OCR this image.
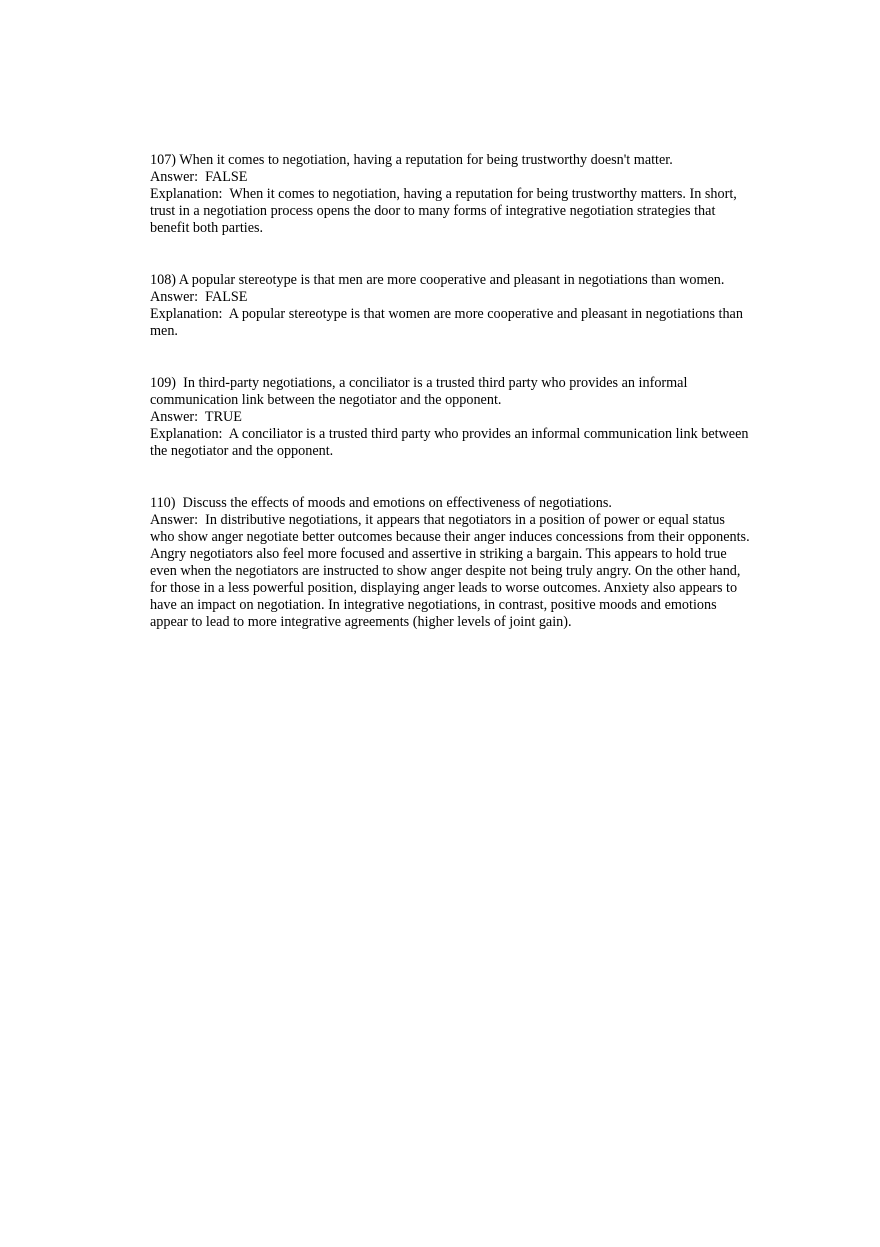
107) When it comes to negotiation, having a reputation for being trustworthy doesn't matter.

Answer:  FALSE

Explanation:  When it comes to negotiation, having a reputation for being trustworthy matters. In short, trust in a negotiation process opens the door to many forms of integrative negotiation strategies that benefit both parties.

108) A popular stereotype is that men are more cooperative and pleasant in negotiations than women.

Answer:  FALSE

Explanation:  A popular stereotype is that women are more cooperative and pleasant in negotiations than men.

109)  In third-party negotiations, a conciliator is a trusted third party who provides an informal communication link between the negotiator and the opponent.

Answer:  TRUE

Explanation:  A conciliator is a trusted third party who provides an informal communication link between the negotiator and the opponent.

110)  Discuss the effects of moods and emotions on effectiveness of negotiations.

Answer:  In distributive negotiations, it appears that negotiators in a position of power or equal status who show anger negotiate better outcomes because their anger induces concessions from their opponents. Angry negotiators also feel more focused and assertive in striking a bargain. This appears to hold true even when the negotiators are instructed to show anger despite not being truly angry. On the other hand, for those in a less powerful position, displaying anger leads to worse outcomes. Anxiety also appears to have an impact on negotiation. In integrative negotiations, in contrast, positive moods and emotions appear to lead to more integrative agreements (higher levels of joint gain).
